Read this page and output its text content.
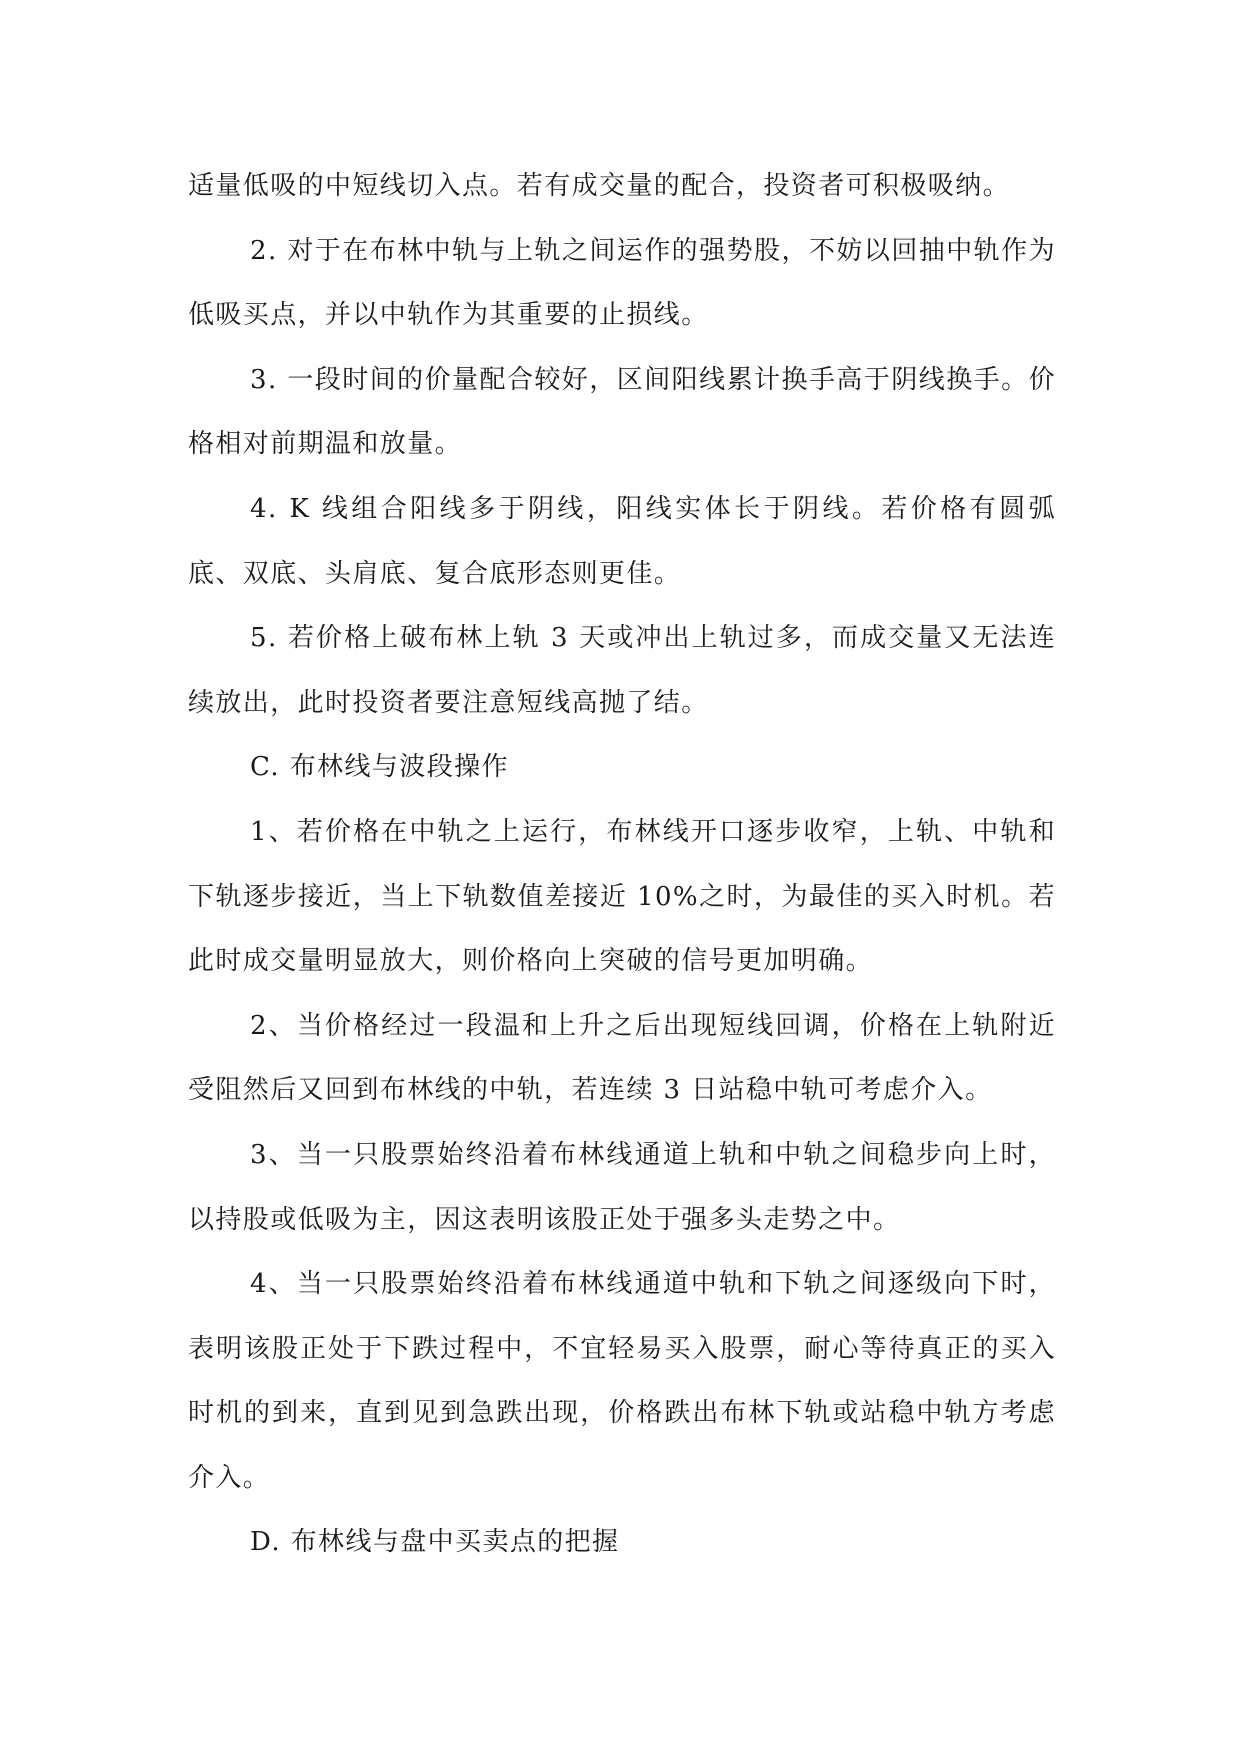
适量低吸的中短线切入点。若有成交量的配合，投资者可积极吸纳。

2. 对于在布林中轨与上轨之间运作的强势股，不妨以回抽中轨作为低吸买点，并以中轨作为其重要的止损线。

3. 一段时间的价量配合较好，区间阳线累计换手高于阴线换手。价格相对前期温和放量。

4. K 线组合阳线多于阴线，阳线实体长于阴线。若价格有圆弧底、双底、头肩底、复合底形态则更佳。

5. 若价格上破布林上轨 3 天或冲出上轨过多，而成交量又无法连续放出，此时投资者要注意短线高抛了结。

C. 布林线与波段操作

1、若价格在中轨之上运行，布林线开口逐步收窄，上轨、中轨和下轨逐步接近，当上下轨数值差接近 10%之时，为最佳的买入时机。若此时成交量明显放大，则价格向上突破的信号更加明确。

2、当价格经过一段温和上升之后出现短线回调，价格在上轨附近受阻然后又回到布林线的中轨，若连续 3 日站稳中轨可考虑介入。

3、当一只股票始终沿着布林线通道上轨和中轨之间稳步向上时，以持股或低吸为主，因这表明该股正处于强多头走势之中。

4、当一只股票始终沿着布林线通道中轨和下轨之间逐级向下时，表明该股正处于下跌过程中，不宜轻易买入股票，耐心等待真正的买入时机的到来，直到见到急跌出现，价格跌出布林下轨或站稳中轨方考虑介入。

D. 布林线与盘中买卖点的把握
